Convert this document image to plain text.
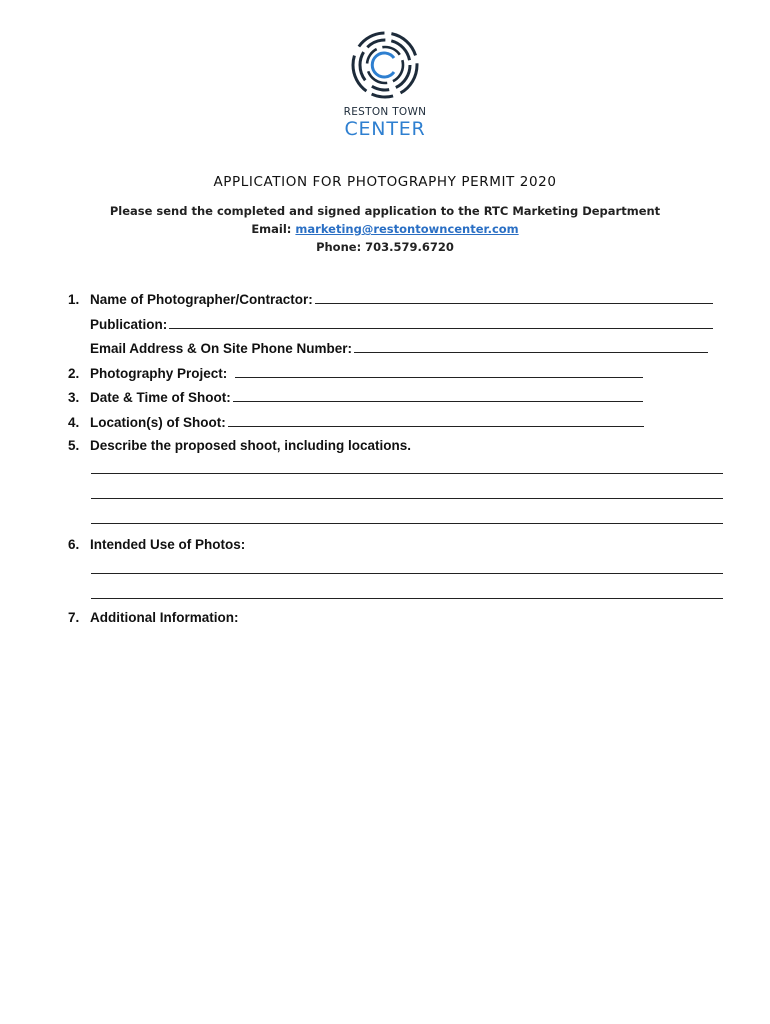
RESTON TOWN
CENTER
APPLICATION FOR PHOTOGRAPHY PERMIT 2020
Please send the completed and signed application to the RTC Marketing Department
Email: marketing@restontowncenter.com
Phone: 703.579.6720
1. Name of Photographer/Contractor:
Publication:
Email Address & On Site Phone Number:
2. Photography Project:
3. Date & Time of Shoot:
4. Location(s) of Shoot:
5. Describe the proposed shoot, including locations.
6. Intended Use of Photos:
7. Additional Information:
